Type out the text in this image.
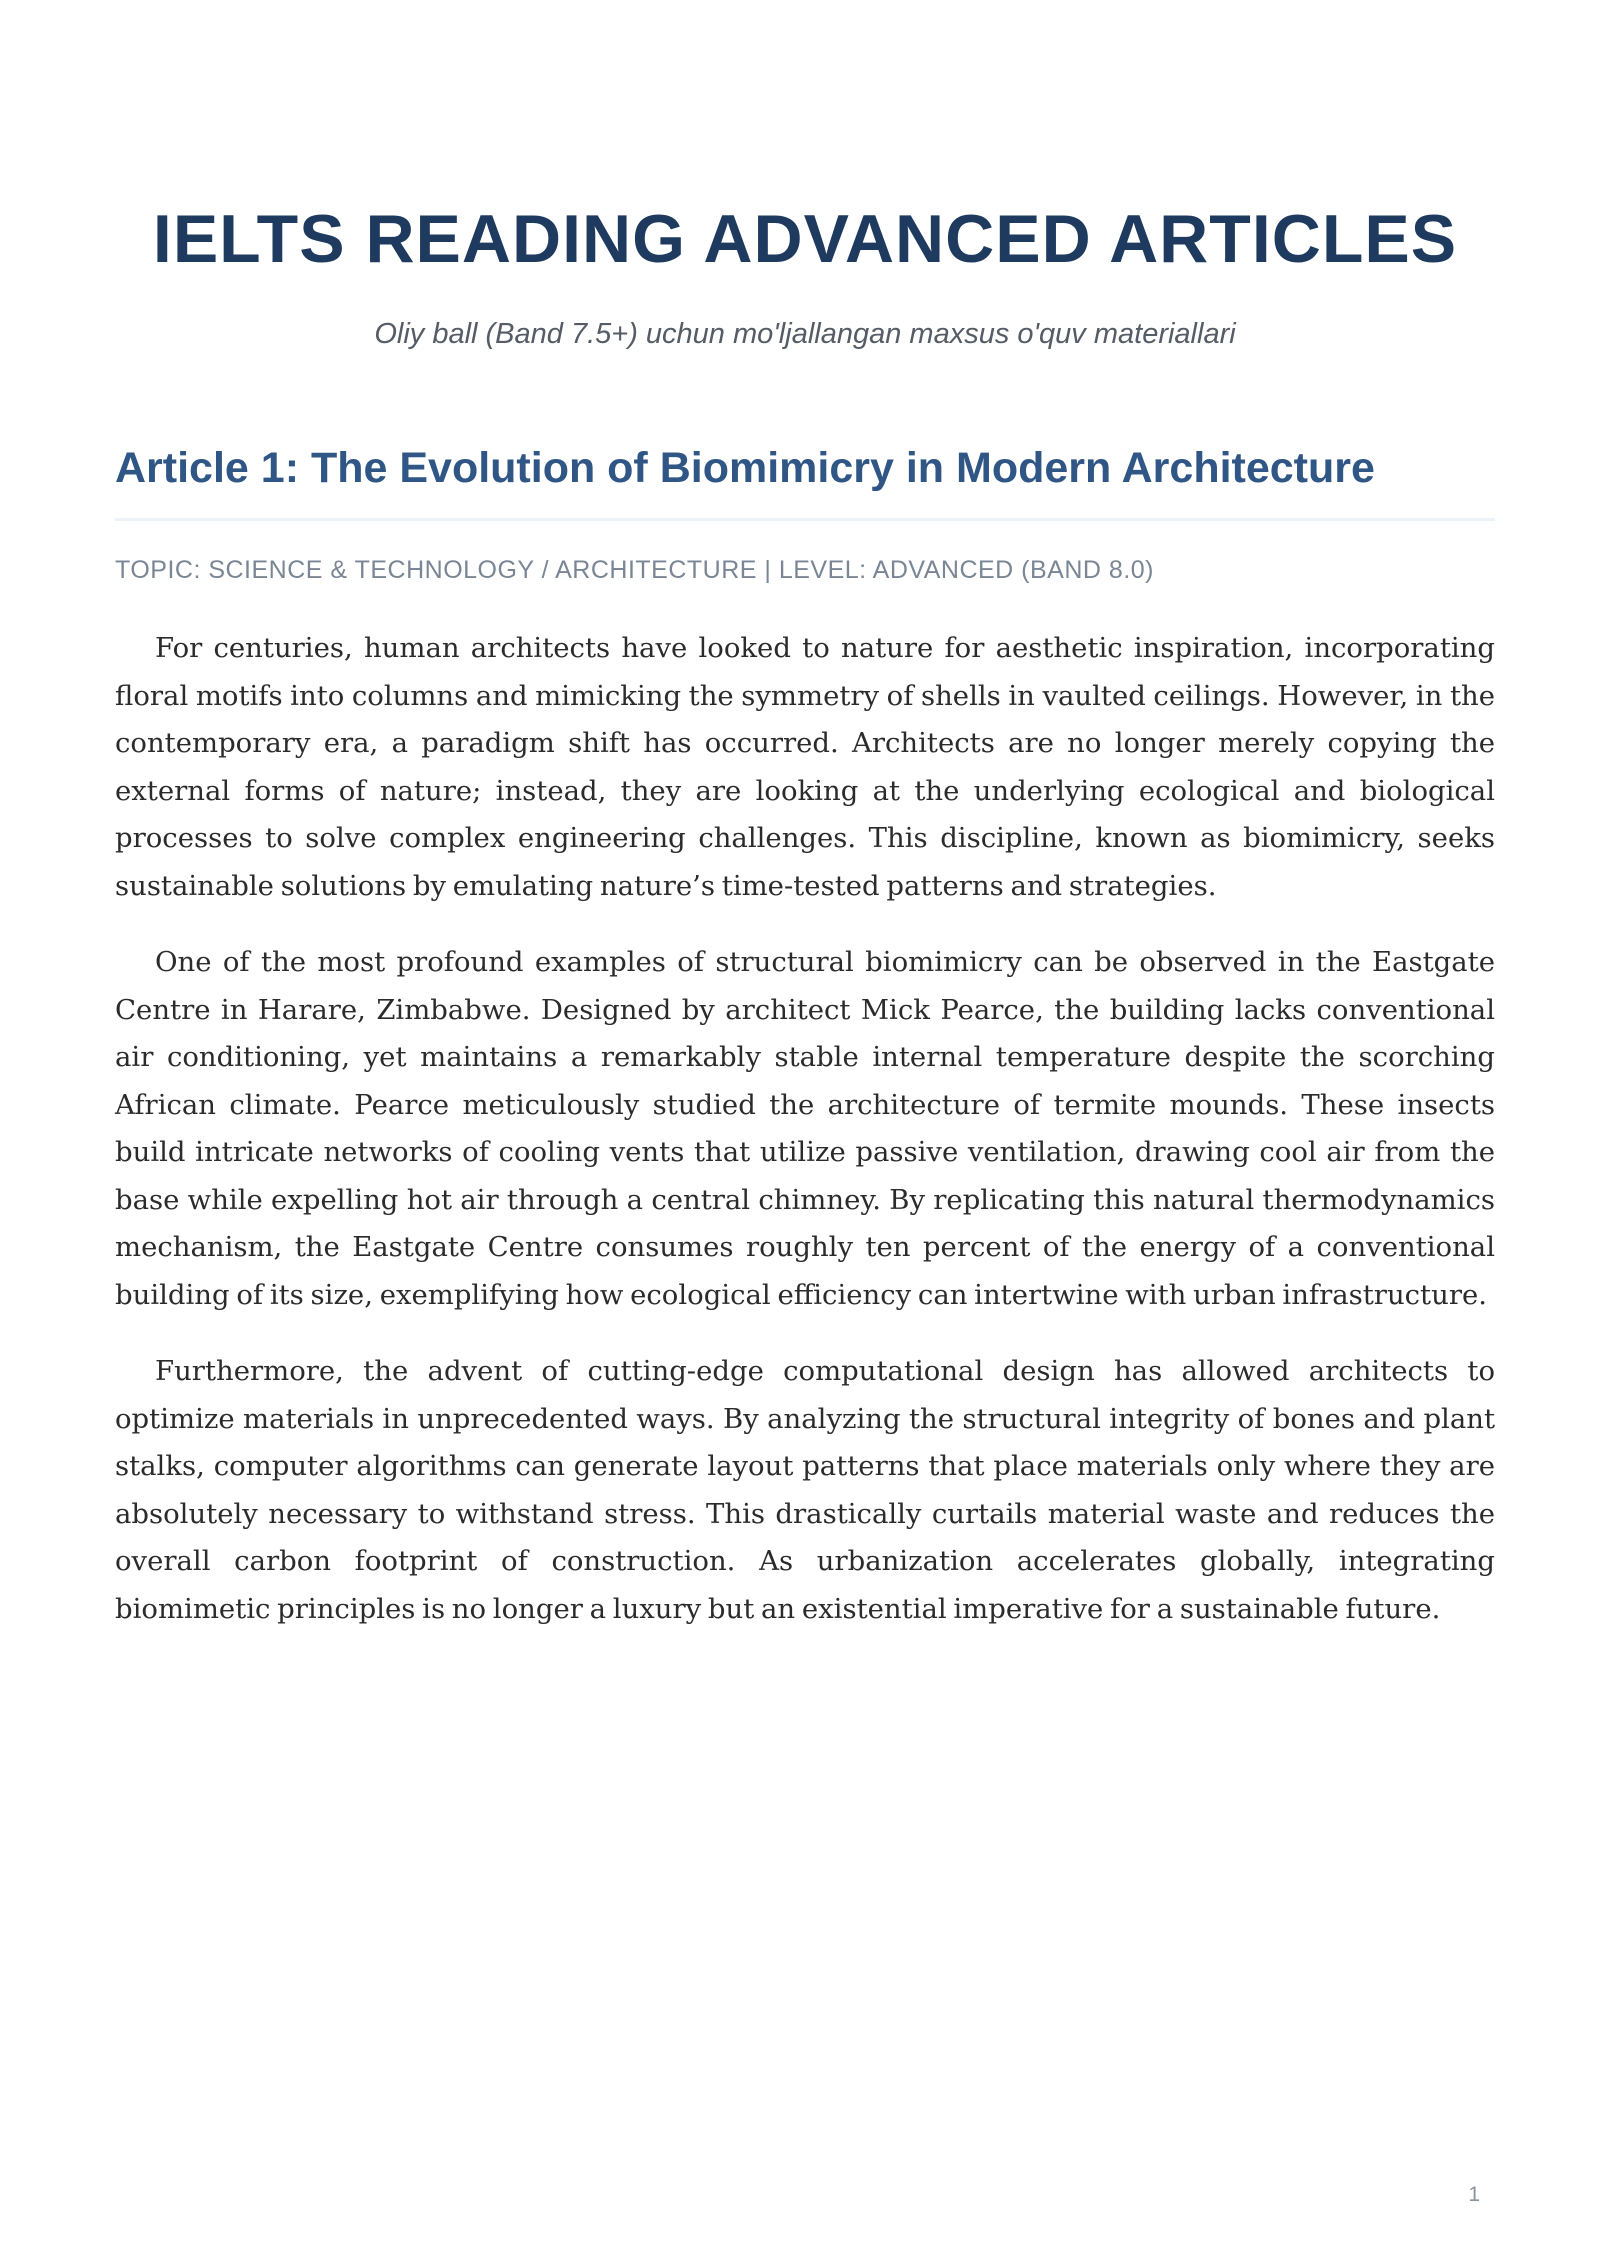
IELTS READING ADVANCED ARTICLES

Oliy ball (Band 7.5+) uchun mo'ljallangan maxsus o'quv materiallari

Article 1: The Evolution of Biomimicry in Modern Architecture

TOPIC: SCIENCE & TECHNOLOGY / ARCHITECTURE | LEVEL: ADVANCED (BAND 8.0)

For centuries, human architects have looked to nature for aesthetic inspiration, incorporating floral motifs into columns and mimicking the symmetry of shells in vaulted ceilings. However, in the contemporary era, a paradigm shift has occurred. Architects are no longer merely copying the external forms of nature; instead, they are looking at the underlying ecological and biological processes to solve complex engineering challenges. This discipline, known as biomimicry, seeks sustainable solutions by emulating nature’s time-tested patterns and strategies.

One of the most profound examples of structural biomimicry can be observed in the Eastgate Centre in Harare, Zimbabwe. Designed by architect Mick Pearce, the building lacks conventional air conditioning, yet maintains a remarkably stable internal temperature despite the scorching African climate. Pearce meticulously studied the architecture of termite mounds. These insects build intricate networks of cooling vents that utilize passive ventilation, drawing cool air from the base while expelling hot air through a central chimney. By replicating this natural thermodynamics mechanism, the Eastgate Centre consumes roughly ten percent of the energy of a conventional building of its size, exemplifying how ecological efficiency can intertwine with urban infrastructure.

Furthermore, the advent of cutting-edge computational design has allowed architects to optimize materials in unprecedented ways. By analyzing the structural integrity of bones and plant stalks, computer algorithms can generate layout patterns that place materials only where they are absolutely necessary to withstand stress. This drastically curtails material waste and reduces the overall carbon footprint of construction. As urbanization accelerates globally, integrating biomimetic principles is no longer a luxury but an existential imperative for a sustainable future.

1
